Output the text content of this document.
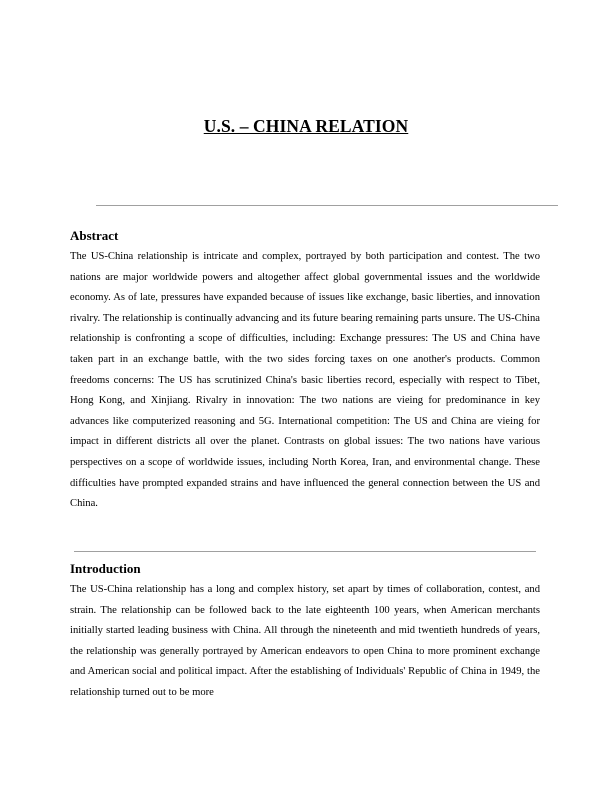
U.S. – CHINA RELATION
Abstract

The US-China relationship is intricate and complex, portrayed by both participation and contest. The two nations are major worldwide powers and altogether affect global governmental issues and the worldwide economy. As of late, pressures have expanded because of issues like exchange, basic liberties, and innovation rivalry. The relationship is continually advancing and its future bearing remaining parts unsure. The US-China relationship is confronting a scope of difficulties, including: Exchange pressures: The US and China have taken part in an exchange battle, with the two sides forcing taxes on one another's products. Common freedoms concerns: The US has scrutinized China's basic liberties record, especially with respect to Tibet, Hong Kong, and Xinjiang. Rivalry in innovation: The two nations are vieing for predominance in key advances like computerized reasoning and 5G. International competition: The US and China are vieing for impact in different districts all over the planet. Contrasts on global issues: The two nations have various perspectives on a scope of worldwide issues, including North Korea, Iran, and environmental change. These difficulties have prompted expanded strains and have influenced the general connection between the US and China.

Introduction

The US-China relationship has a long and complex history, set apart by times of collaboration, contest, and strain. The relationship can be followed back to the late eighteenth 100 years, when American merchants initially started leading business with China. All through the nineteenth and mid twentieth hundreds of years, the relationship was generally portrayed by American endeavors to open China to more prominent exchange and American social and political impact. After the establishing of Individuals' Republic of China in 1949, the relationship turned out to be more
